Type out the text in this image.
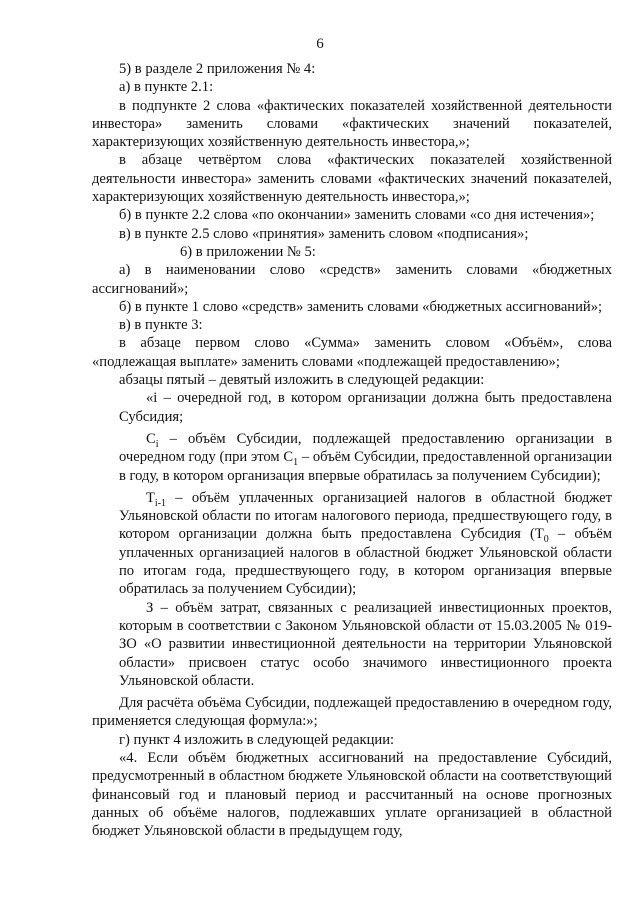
6

5) в разделе 2 приложения № 4:

а) в пункте 2.1:

в подпункте 2 слова «фактических показателей хозяйственной деятельности инвестора» заменить словами «фактических значений показателей, характеризующих хозяйственную деятельность инвестора,»;

в абзаце четвёртом слова «фактических показателей хозяйственной деятельности инвестора» заменить словами «фактических значений показателей, характеризующих хозяйственную деятельность инвестора,»;

б) в пункте 2.2 слова «по окончании» заменить словами «со дня истечения»;

в) в пункте 2.5 слово «принятия» заменить словом «подписания»;

6) в приложении № 5:

а) в наименовании слово «средств» заменить словами «бюджетных ассигнований»;

б) в пункте 1 слово «средств» заменить словами «бюджетных ассигнований»;

в) в пункте 3:

в абзаце первом слово «Сумма» заменить словом «Объём», слова «подлежащая выплате» заменить словами «подлежащей предоставлению»;

абзацы пятый – девятый изложить в следующей редакции:

«i – очередной год, в котором организации должна быть предоставлена Субсидия;

$C_i$ – объём Субсидии, подлежащей предоставлению организации в очередном году (при этом $C_1$ – объём Субсидии, предоставленной организации в году, в котором организация впервые обратилась за получением Субсидии);

$T_{i-1}$ – объём уплаченных организацией налогов в областной бюджет Ульяновской области по итогам налогового периода, предшествующего году, в котором организации должна быть предоставлена Субсидия ($T_0$ – объём уплаченных организацией налогов в областной бюджет Ульяновской области по итогам года, предшествующего году, в котором организация впервые обратилась за получением Субсидии);

З – объём затрат, связанных с реализацией инвестиционных проектов, которым в соответствии с Законом Ульяновской области от 15.03.2005 № 019-ЗО «О развитии инвестиционной деятельности на территории Ульяновской области» присвоен статус особо значимого инвестиционного проекта Ульяновской области.

Для расчёта объёма Субсидии, подлежащей предоставлению в очередном году, применяется следующая формула:»;

г) пункт 4 изложить в следующей редакции:

«4. Если объём бюджетных ассигнований на предоставление Субсидий, предусмотренный в областном бюджете Ульяновской области на соответствующий финансовый год и плановый период и рассчитанный на основе прогнозных данных об объёме налогов, подлежавших уплате организацией в областной бюджет Ульяновской области в предыдущем году,
